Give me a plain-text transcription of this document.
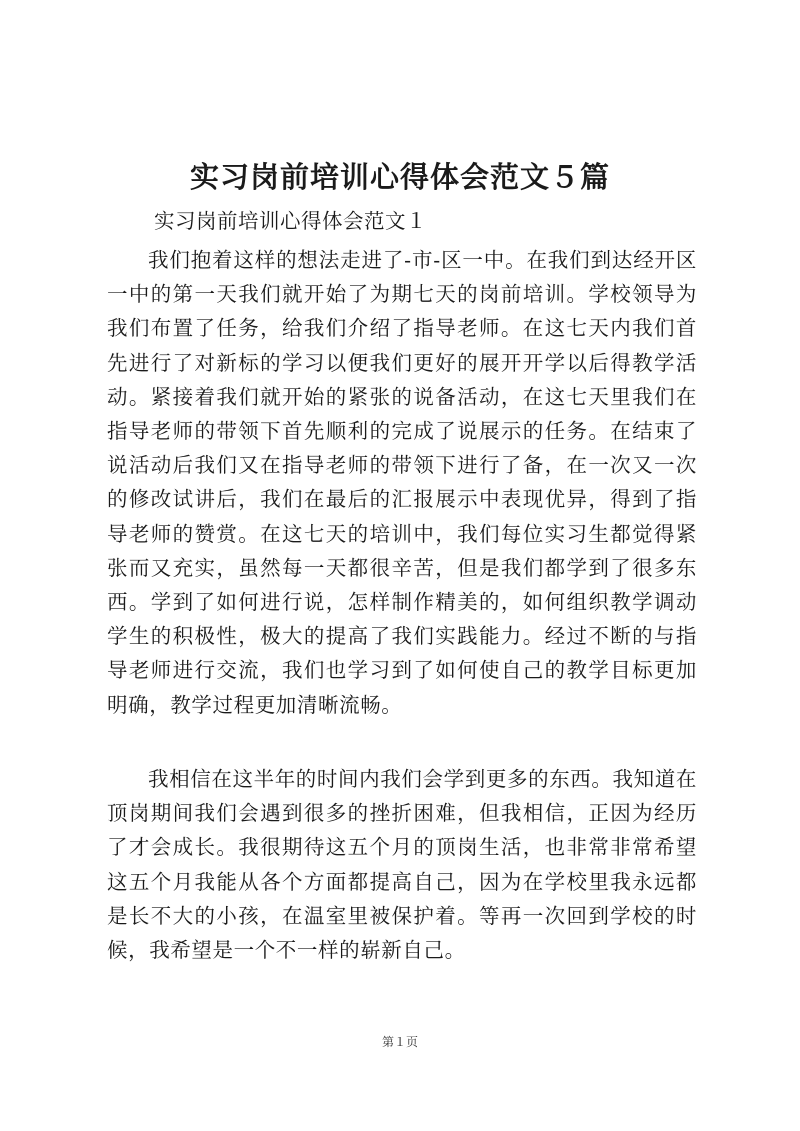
实习岗前培训心得体会范文５篇

实习岗前培训心得体会范文１

我们抱着这样的想法走进了-市-区一中。在我们到达经开区一中的第一天我们就开始了为期七天的岗前培训。学校领导为我们布置了任务，给我们介绍了指导老师。在这七天内我们首先进行了对新标的学习以便我们更好的展开开学以后得教学活动。紧接着我们就开始的紧张的说备活动，在这七天里我们在指导老师的带领下首先顺利的完成了说展示的任务。在结束了说活动后我们又在指导老师的带领下进行了备，在一次又一次的修改试讲后，我们在最后的汇报展示中表现优异，得到了指导老师的赞赏。在这七天的培训中，我们每位实习生都觉得紧张而又充实，虽然每一天都很辛苦，但是我们都学到了很多东西。学到了如何进行说，怎样制作精美的，如何组织教学调动学生的积极性，极大的提高了我们实践能力。经过不断的与指导老师进行交流，我们也学习到了如何使自己的教学目标更加明确，教学过程更加清晰流畅。

我相信在这半年的时间内我们会学到更多的东西。我知道在顶岗期间我们会遇到很多的挫折困难，但我相信，正因为经历了才会成长。我很期待这五个月的顶岗生活，也非常非常希望这五个月我能从各个方面都提高自己，因为在学校里我永远都是长不大的小孩，在温室里被保护着。等再一次回到学校的时候，我希望是一个不一样的崭新自己。

第１页
